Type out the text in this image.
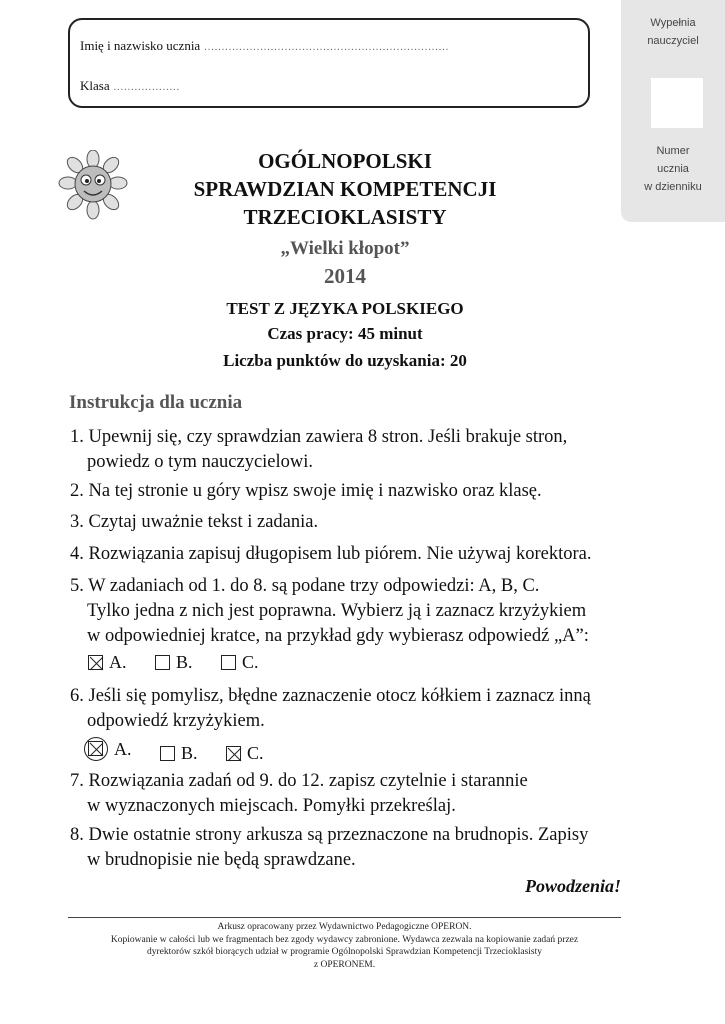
Imię i nazwisko ucznia ......................................................................
Klasa ...................
Wypełnia
nauczyciel
Numer
ucznia
w dzienniku
OGÓLNOPOLSKI
SPRAWDZIAN KOMPETENCJI
TRZECIOKLASISTY
„Wielki kłopot”
2014
TEST Z JĘZYKA POLSKIEGO
Czas pracy: 45 minut
Liczba punktów do uzyskania: 20
Instrukcja dla ucznia
1. Upewnij się, czy sprawdzian zawiera 8 stron. Jeśli brakuje stron,
powiedz o tym nauczycielowi.
2. Na tej stronie u góry wpisz swoje imię i nazwisko oraz klasę.
3. Czytaj uważnie tekst i zadania.
4. Rozwiązania zapisuj długopisem lub piórem. Nie używaj korektora.
5. W zadaniach od 1. do 8. są podane trzy odpowiedzi: A, B, C.
Tylko jedna z nich jest poprawna. Wybierz ją i zaznacz krzyżykiem
w odpowiedniej kratce, na przykład gdy wybierasz odpowiedź „A”:
A.
	B.
	C.
6. Jeśli się pomylisz, błędne zaznaczenie otocz kółkiem i zaznacz inną
odpowiedź krzyżykiem.
A.
	B.
	C.
7. Rozwiązania zadań od 9. do 12. zapisz czytelnie i starannie
w wyznaczonych miejscach. Pomyłki przekreślaj.
8. Dwie ostatnie strony arkusza są przeznaczone na brudnopis. Zapisy
w brudnopisie nie będą sprawdzane.
Powodzenia!
Arkusz opracowany przez Wydawnictwo Pedagogiczne OPERON.
Kopiowanie w całości lub we fragmentach bez zgody wydawcy zabronione. Wydawca zezwala na kopiowanie zadań przez
dyrektorów szkół biorących udział w programie Ogólnopolski Sprawdzian Kompetencji Trzecioklasisty
z OPERONEM.
